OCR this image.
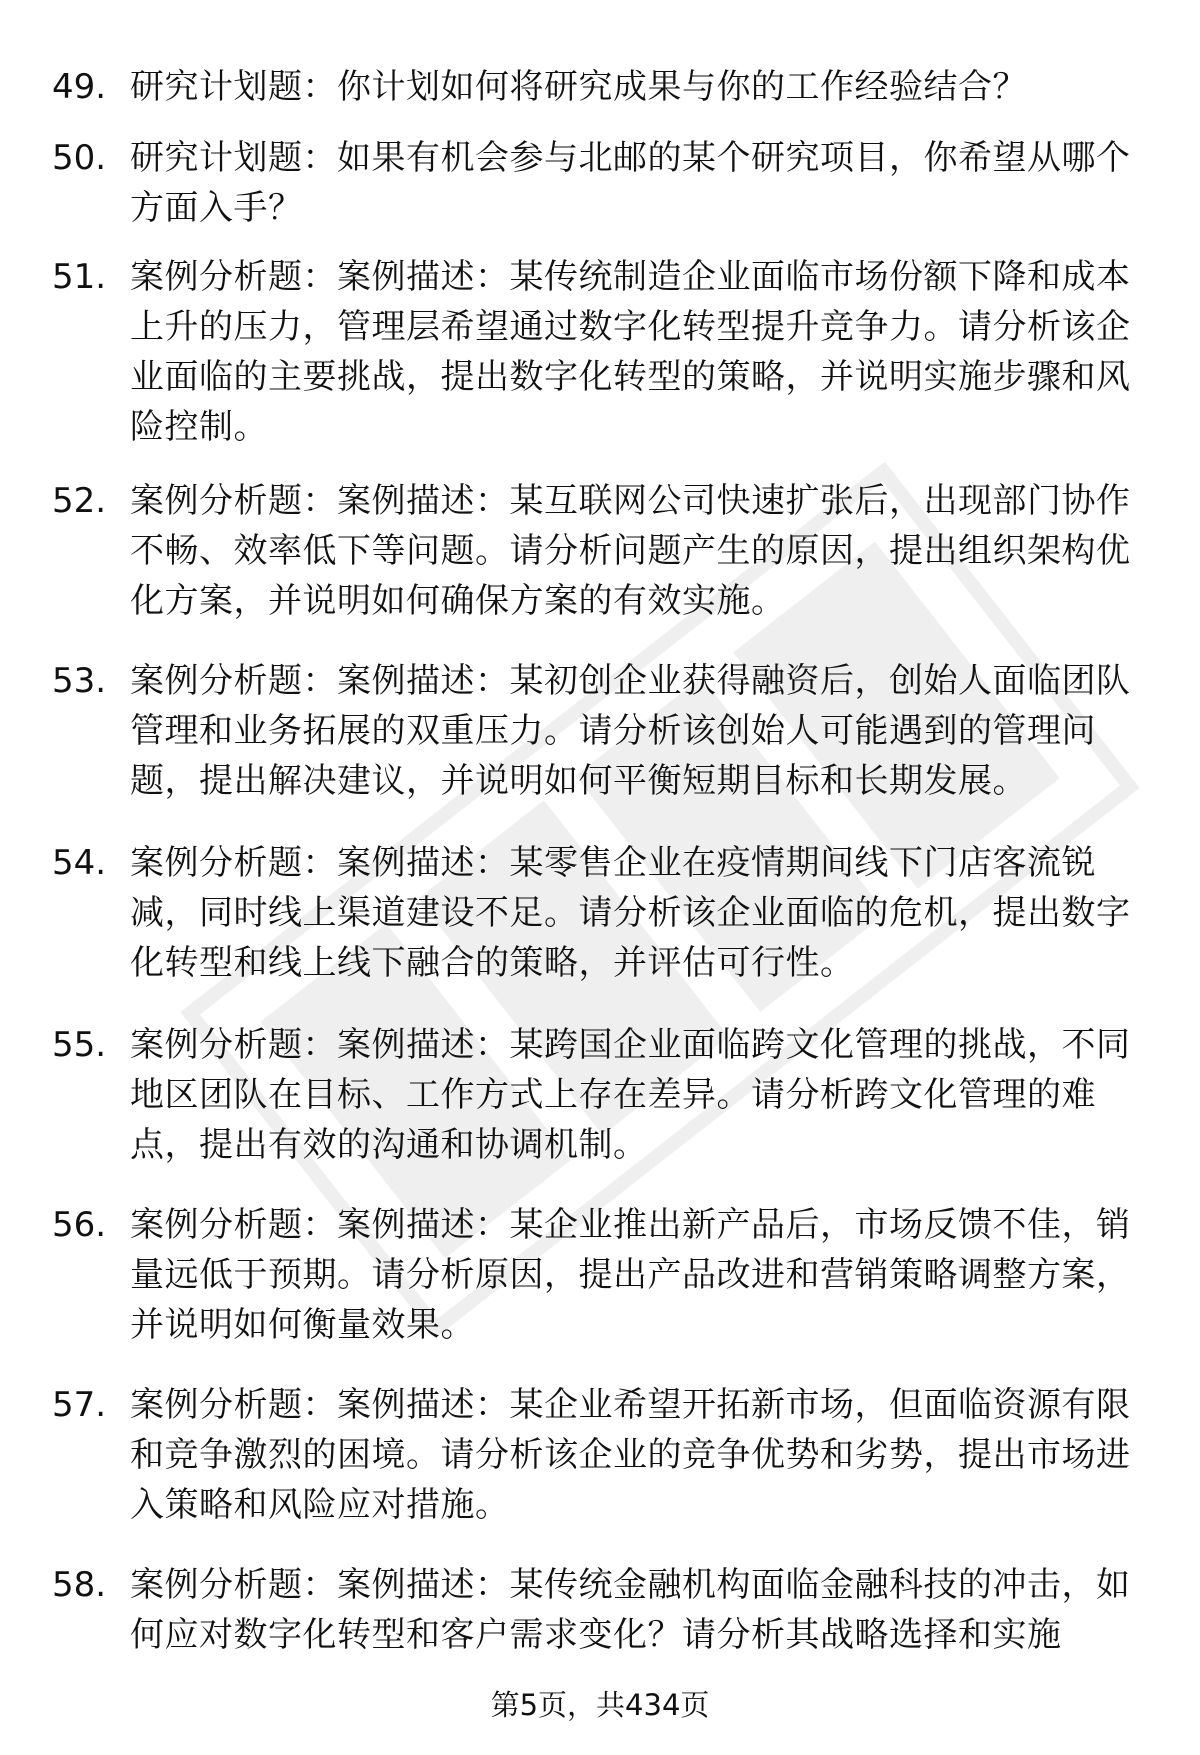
49. 研究计划题：你计划如何将研究成果与你的工作经验结合？
50. 研究计划题：如果有机会参与北邮的某个研究项目，你希望从哪个方面入手？
51. 案例分析题：案例描述：某传统制造企业面临市场份额下降和成本上升的压力，管理层希望通过数字化转型提升竞争力。请分析该企业面临的主要挑战，提出数字化转型的策略，并说明实施步骤和风险控制。
52. 案例分析题：案例描述：某互联网公司快速扩张后，出现部门协作不畅、效率低下等问题。请分析问题产生的原因，提出组织架构优化方案，并说明如何确保方案的有效实施。
53. 案例分析题：案例描述：某初创企业获得融资后，创始人面临团队管理和业务拓展的双重压力。请分析该创始人可能遇到的管理问题，提出解决建议，并说明如何平衡短期目标和长期发展。
54. 案例分析题：案例描述：某零售企业在疫情期间线下门店客流锐减，同时线上渠道建设不足。请分析该企业面临的危机，提出数字化转型和线上线下融合的策略，并评估可行性。
55. 案例分析题：案例描述：某跨国企业面临跨文化管理的挑战，不同地区团队在目标、工作方式上存在差异。请分析跨文化管理的难点，提出有效的沟通和协调机制。
56. 案例分析题：案例描述：某企业推出新产品后，市场反馈不佳，销量远低于预期。请分析原因，提出产品改进和营销策略调整方案，并说明如何衡量效果。
57. 案例分析题：案例描述：某企业希望开拓新市场，但面临资源有限和竞争激烈的困境。请分析该企业的竞争优势和劣势，提出市场进入策略和风险应对措施。
58. 案例分析题：案例描述：某传统金融机构面临金融科技的冲击，如何应对数字化转型和客户需求变化？请分析其战略选择和实施
第5页，共434页
